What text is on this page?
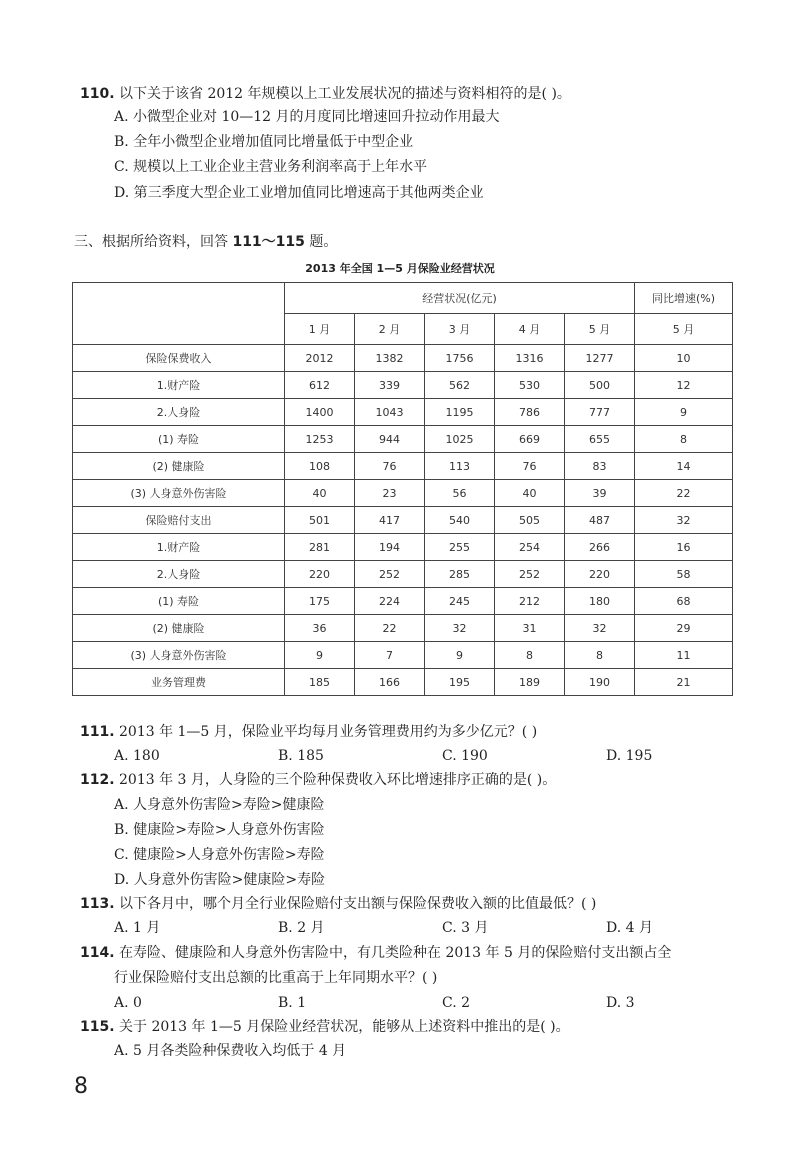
110. 以下关于该省 2012 年规模以上工业发展状况的描述与资料相符的是( )。
A. 小微型企业对 10—12 月的月度同比增速回升拉动作用最大
B. 全年小微型企业增加值同比增量低于中型企业
C. 规模以上工业企业主营业务利润率高于上年水平
D. 第三季度大型企业工业增加值同比增速高于其他两类企业
三、根据所给资料，回答 111～115 题。
2013 年全国 1—5 月保险业经营状况
	经营状况(亿元)					同比增速(%)
	1 月	2 月	3 月	4 月	5 月	5 月
保险保费收入	2012	1382	1756	1316	1277	10
1.财产险	612	339	562	530	500	12
2.人身险	1400	1043	1195	786	777	9
(1) 寿险	1253	944	1025	669	655	8
(2) 健康险	108	76	113	76	83	14
(3) 人身意外伤害险	40	23	56	40	39	22
保险赔付支出	501	417	540	505	487	32
1.财产险	281	194	255	254	266	16
2.人身险	220	252	285	252	220	58
(1) 寿险	175	224	245	212	180	68
(2) 健康险	36	22	32	31	32	29
(3) 人身意外伤害险	9	7	9	8	8	11
业务管理费	185	166	195	189	190	21
111. 2013 年 1—5 月，保险业平均每月业务管理费用约为多少亿元？( )
A. 180	B. 185	C. 190	D. 195
112. 2013 年 3 月，人身险的三个险种保费收入环比增速排序正确的是( )。
A. 人身意外伤害险>寿险>健康险
B. 健康险>寿险>人身意外伤害险
C. 健康险>人身意外伤害险>寿险
D. 人身意外伤害险>健康险>寿险
113. 以下各月中，哪个月全行业保险赔付支出额与保险保费收入额的比值最低？( )
A. 1 月	B. 2 月	C. 3 月	D. 4 月
114. 在寿险、健康险和人身意外伤害险中，有几类险种在 2013 年 5 月的保险赔付支出额占全
行业保险赔付支出总额的比重高于上年同期水平？( )
A. 0	B. 1	C. 2	D. 3
115. 关于 2013 年 1—5 月保险业经营状况，能够从上述资料中推出的是( )。
A. 5 月各类险种保费收入均低于 4 月
8
